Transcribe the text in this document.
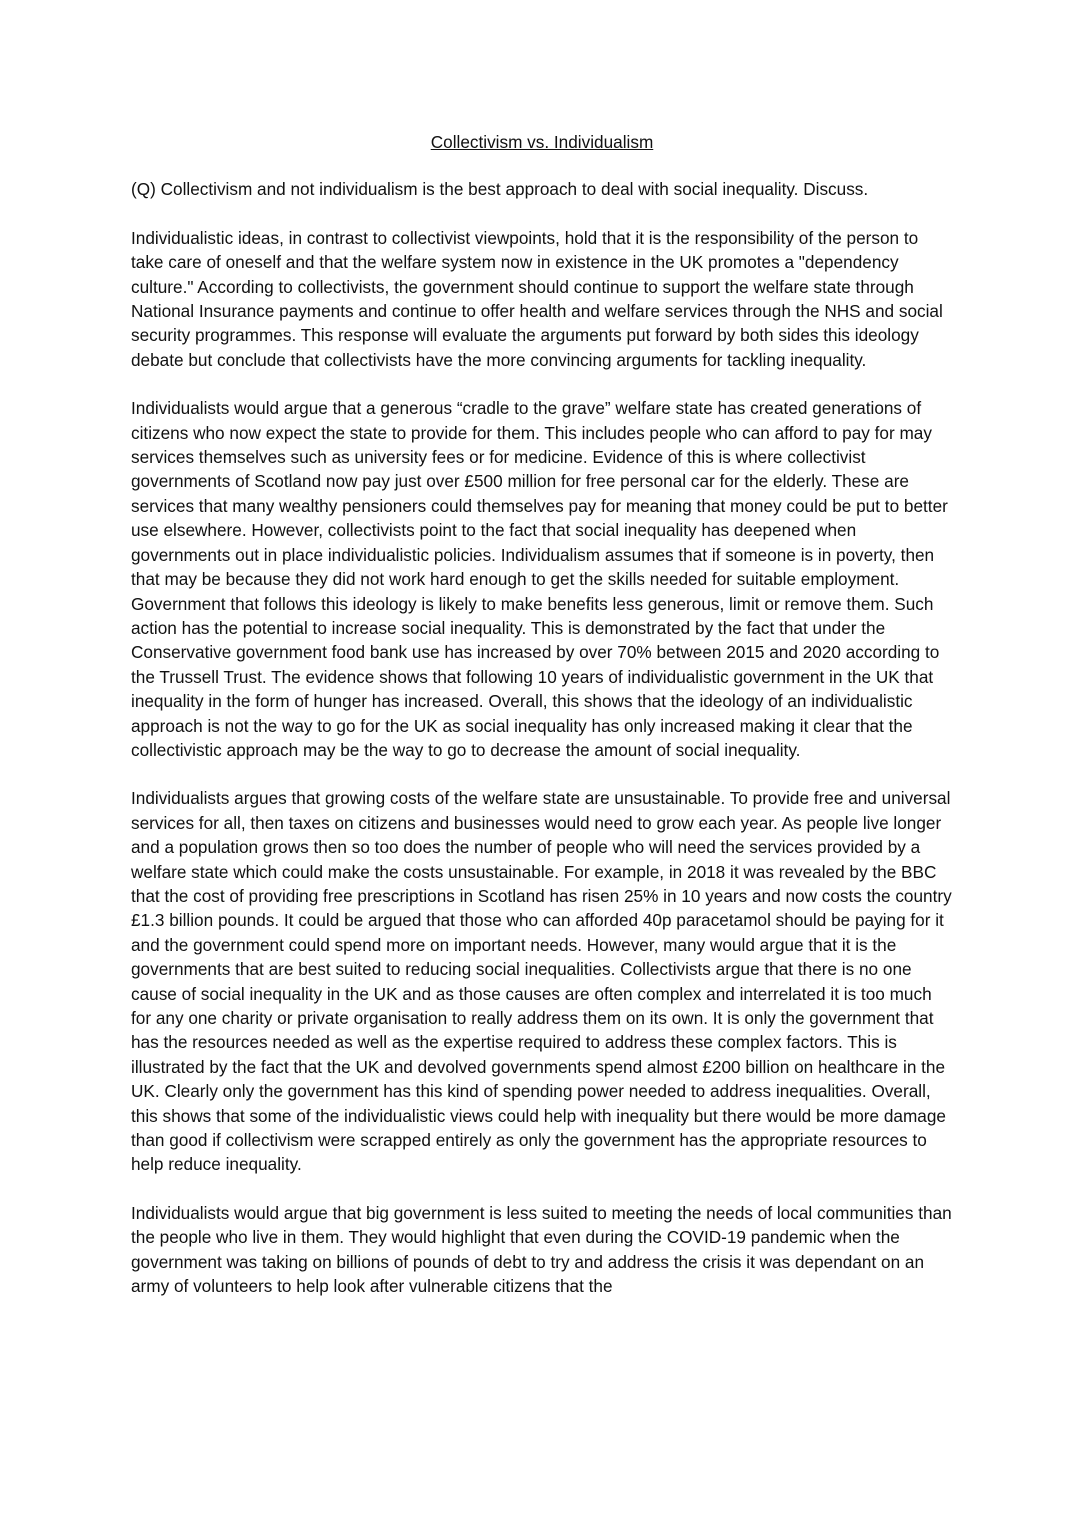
Collectivism vs. Individualism

(Q) Collectivism and not individualism is the best approach to deal with social inequality. Discuss.

Individualistic ideas, in contrast to collectivist viewpoints, hold that it is the responsibility of the person to take care of oneself and that the welfare system now in existence in the UK promotes a "dependency culture." According to collectivists, the government should continue to support the welfare state through National Insurance payments and continue to offer health and welfare services through the NHS and social security programmes. This response will evaluate the arguments put forward by both sides this ideology debate but conclude that collectivists have the more convincing arguments for tackling inequality.

Individualists would argue that a generous “cradle to the grave” welfare state has created generations of citizens who now expect the state to provide for them. This includes people who can afford to pay for may services themselves such as university fees or for medicine. Evidence of this is where collectivist governments of Scotland now pay just over £500 million for free personal car for the elderly. These are services that many wealthy pensioners could themselves pay for meaning that money could be put to better use elsewhere. However, collectivists point to the fact that social inequality has deepened when governments out in place individualistic policies. Individualism assumes that if someone is in poverty, then that may be because they did not work hard enough to get the skills needed for suitable employment. Government that follows this ideology is likely to make benefits less generous, limit or remove them. Such action has the potential to increase social inequality. This is demonstrated by the fact that under the Conservative government food bank use has increased by over 70% between 2015 and 2020 according to the Trussell Trust. The evidence shows that following 10 years of individualistic government in the UK that inequality in the form of hunger has increased. Overall, this shows that the ideology of an individualistic approach is not the way to go for the UK as social inequality has only increased making it clear that the collectivistic approach may be the way to go to decrease the amount of social inequality.

Individualists argues that growing costs of the welfare state are unsustainable. To provide free and universal services for all, then taxes on citizens and businesses would need to grow each year. As people live longer and a population grows then so too does the number of people who will need the services provided by a welfare state which could make the costs unsustainable. For example, in 2018 it was revealed by the BBC that the cost of providing free prescriptions in Scotland has risen 25% in 10 years and now costs the country £1.3 billion pounds. It could be argued that those who can afforded 40p paracetamol should be paying for it and the government could spend more on important needs. However, many would argue that it is the governments that are best suited to reducing social inequalities. Collectivists argue that there is no one cause of social inequality in the UK and as those causes are often complex and interrelated it is too much for any one charity or private organisation to really address them on its own. It is only the government that has the resources needed as well as the expertise required to address these complex factors. This is illustrated by the fact that the UK and devolved governments spend almost £200 billion on healthcare in the UK. Clearly only the government has this kind of spending power needed to address inequalities. Overall, this shows that some of the individualistic views could help with inequality but there would be more damage than good if collectivism were scrapped entirely as only the government has the appropriate resources to help reduce inequality.

Individualists would argue that big government is less suited to meeting the needs of local communities than the people who live in them. They would highlight that even during the COVID-19 pandemic when the government was taking on billions of pounds of debt to try and address the crisis it was dependant on an army of volunteers to help look after vulnerable citizens that the
